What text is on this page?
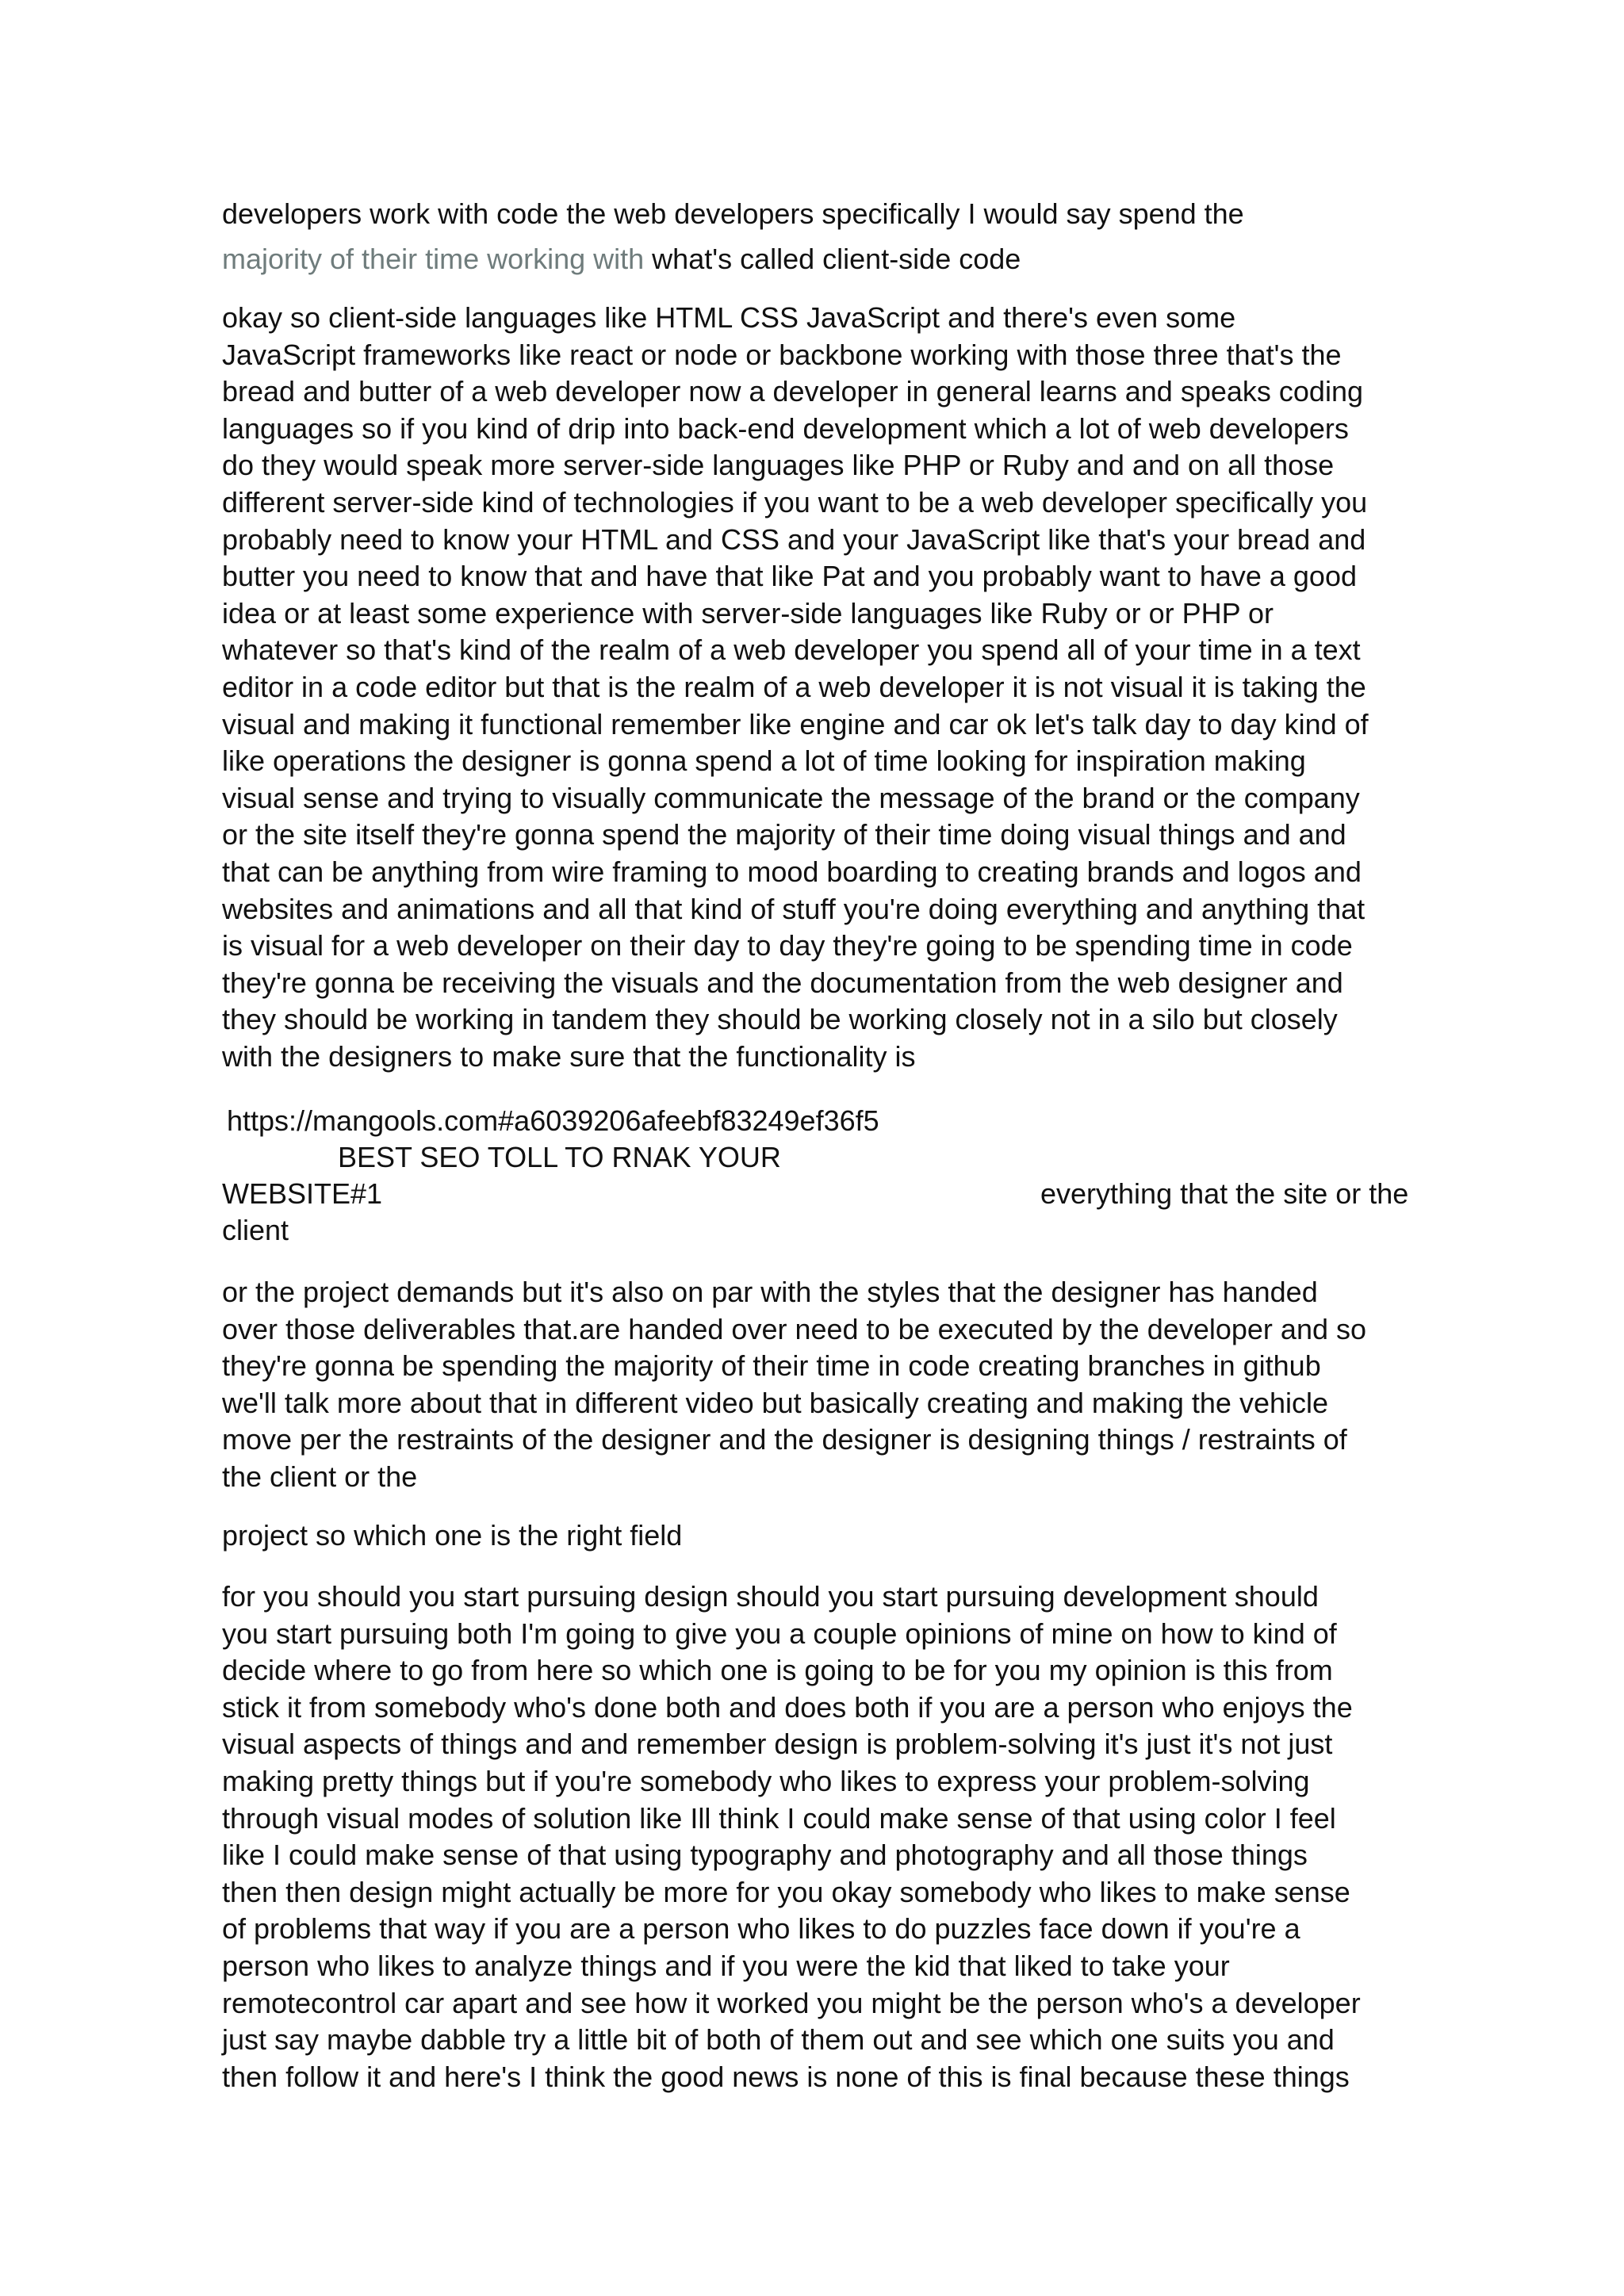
developers work with code the web developers specifically I would say spend the
majority of their time working with what's called client-side code
okay so client-side languages like HTML CSS JavaScript and there's even some
JavaScript frameworks like react or node or backbone working with those three that's the
bread and butter of a web developer now a developer in general learns and speaks coding
languages so if you kind of drip into back-end development which a lot of web developers
do they would speak more server-side languages like PHP or Ruby and and on all those
different server-side kind of technologies if you want to be a web developer specifically you
probably need to know your HTML and CSS and your JavaScript like that's your bread and
butter you need to know that and have that like Pat and you probably want to have a good
idea or at least some experience with server-side languages like Ruby or or PHP or
whatever so that's kind of the realm of a web developer you spend all of your time in a text
editor in a code editor but that is the realm of a web developer it is not visual it is taking the
visual and making it functional remember like engine and car ok let's talk day to day kind of
like operations the designer is gonna spend a lot of time looking for inspiration making
visual sense and trying to visually communicate the message of the brand or the company
or the site itself they're gonna spend the majority of their time doing visual things and and
that can be anything from wire framing to mood boarding to creating brands and logos and
websites and animations and all that kind of stuff you're doing everything and anything that
is visual for a web developer on their day to day they're going to be spending time in code
they're gonna be receiving the visuals and the documentation from the web designer and
they should be working in tandem they should be working closely not in a silo but closely
with the designers to make sure that the functionality is
https://mangools.com#a6039206afeebf83249ef36f5
BEST SEO TOLL TO RNAK YOUR
WEBSITE#1	everything that the site or the
client
or the project demands but it's also on par with the styles that the designer has handed
over those deliverables that.are handed over need to be executed by the developer and so
they're gonna be spending the majority of their time in code creating branches in github
we'll talk more about that in different video but basically creating and making the vehicle
move per the restraints of the designer and the designer is designing things / restraints of
the client or the
project so which one is the right field
for you should you start pursuing design should you start pursuing development should
you start pursuing both I'm going to give you a couple opinions of mine on how to kind of
decide where to go from here so which one is going to be for you my opinion is this from
stick it from somebody who's done both and does both if you are a person who enjoys the
visual aspects of things and and remember design is problem-solving it's just it's not just
making pretty things but if you're somebody who likes to express your problem-solving
through visual modes of solution like Ill think I could make sense of that using color I feel
like I could make sense of that using typography and photography and all those things
then then design might actually be more for you okay somebody who likes to make sense
of problems that way if you are a person who likes to do puzzles face down if you're a
person who likes to analyze things and if you were the kid that liked to take your
remotecontrol car apart and see how it worked you might be the person who's a developer
just say maybe dabble try a little bit of both of them out and see which one suits you and
then follow it and here's I think the good news is none of this is final because these things
